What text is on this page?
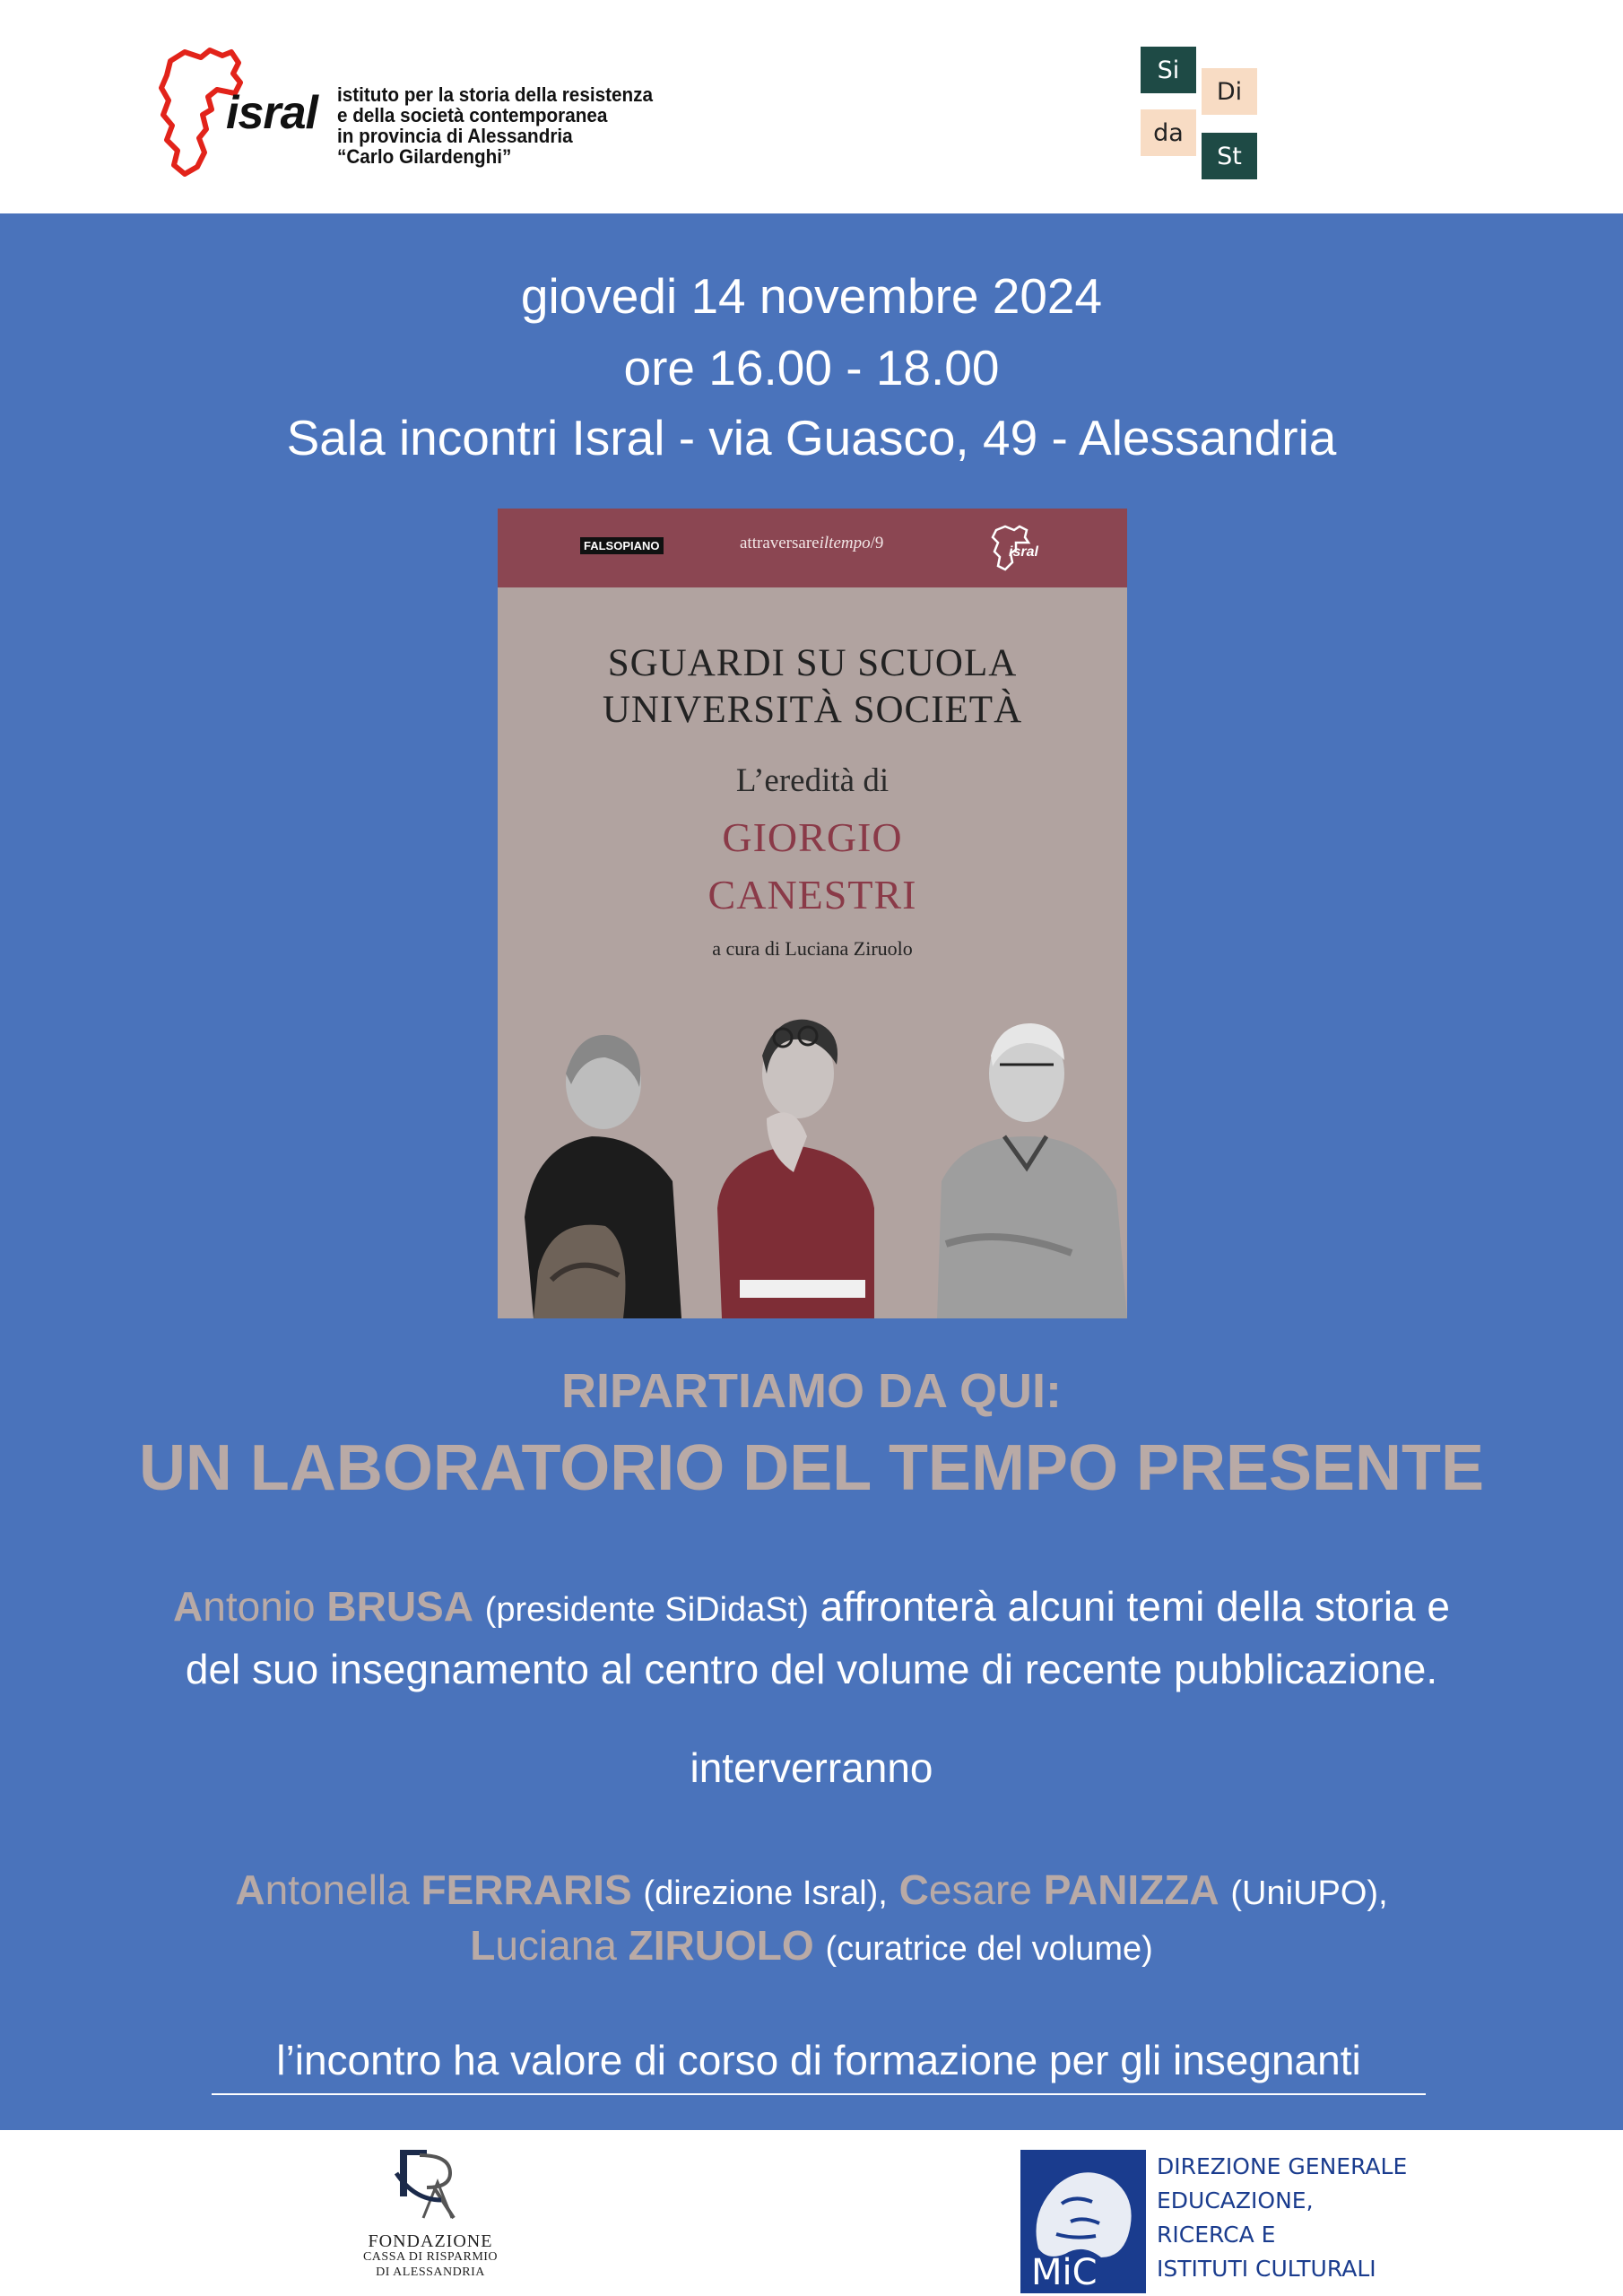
isral istituto per la storia della resistenza
e della società contemporanea
in provincia di Alessandria
“Carlo Gilardenghi”
Si
Di
da
St
giovedi 14 novembre 2024
ore 16.00 - 18.00
Sala incontri Isral - via Guasco, 49 - Alessandria
FALSOPIANO	attraversareiltempo/9	isral
SGUARDI SU SCUOLA
UNIVERSITÀ SOCIETÀ
L’eredità di
GIORGIO
CANESTRI
a cura di Luciana Ziruolo
RIPARTIAMO DA QUI:
UN LABORATORIO DEL TEMPO PRESENTE
Antonio BRUSA (presidente SiDidaSt) affronterà alcuni temi della storia e
del suo insegnamento al centro del volume di recente pubblicazione.
interverranno
Antonella FERRARIS (direzione Isral), Cesare PANIZZA (UniUPO),
Luciana ZIRUOLO (curatrice del volume)
l’incontro ha valore di corso di formazione per gli insegnanti
FONDAZIONE
CASSA DI RISPARMIO
DI ALESSANDRIA	MiC
DIREZIONE GENERALE
EDUCAZIONE,
RICERCA E
ISTITUTI CULTURALI
